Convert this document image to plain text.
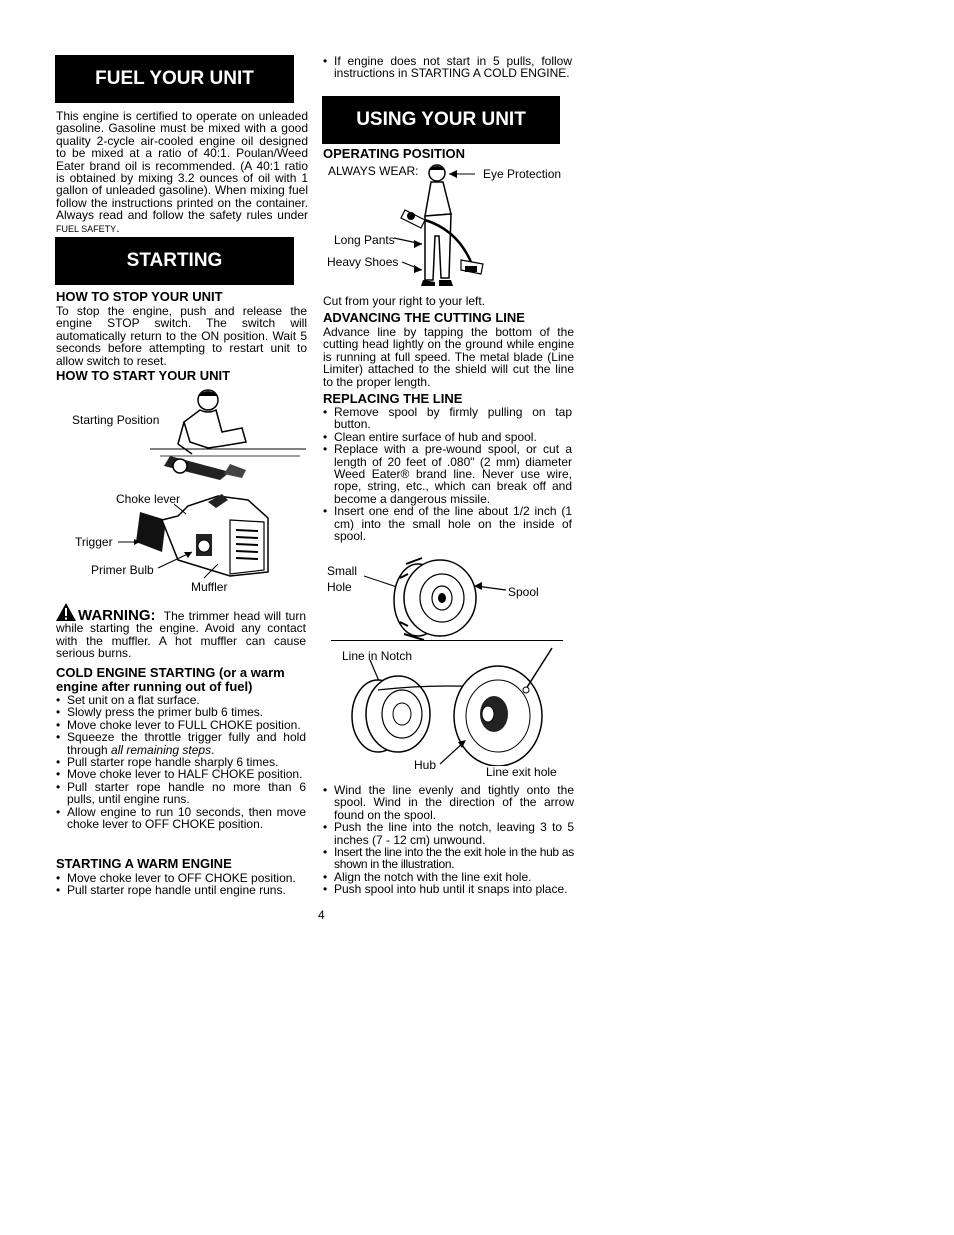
FUEL YOUR UNIT
This engine is certified to operate on unleaded gasoline. Gasoline must be mixed with a good quality 2-cycle air-cooled engine oil designed to be mixed at a ratio of 40:1. Poulan/Weed Eater brand oil is recommended. (A 40:1 ratio is obtained by mixing 3.2 ounces of oil with 1 gallon of unleaded gasoline). When mixing fuel follow the instructions printed on the container. Always read and follow the safety rules under FUEL SAFETY.
STARTING
HOW TO STOP YOUR UNIT
To stop the engine, push and release the engine STOP switch. The switch will automatically return to the ON position. Wait 5 seconds before attempting to restart unit to allow switch to reset.
HOW TO START YOUR UNIT
Starting Position
Choke lever
Trigger
Primer Bulb
Muffler
WARNING: The trimmer head will turn while starting the engine. Avoid any contact with the muffler. A hot muffler can cause serious burns.
COLD ENGINE STARTING (or a warm engine after running out of fuel)
• Set unit on a flat surface.
• Slowly press the primer bulb 6 times.
• Move choke lever to FULL CHOKE position.
• Squeeze the throttle trigger fully and hold through all remaining steps.
• Pull starter rope handle sharply 6 times.
• Move choke lever to HALF CHOKE position.
• Pull starter rope handle no more than 6 pulls, until engine runs.
• Allow engine to run 10 seconds, then move choke lever to OFF CHOKE position.
STARTING A WARM ENGINE
• Move choke lever to OFF CHOKE position.
• Pull starter rope handle until engine runs.
• If engine does not start in 5 pulls, follow instructions in STARTING A COLD ENGINE.
USING YOUR UNIT
OPERATING POSITION
ALWAYS WEAR:	Eye Protection
Long Pants
Heavy Shoes
Cut from your right to your left.
ADVANCING THE CUTTING LINE
Advance line by tapping the bottom of the cutting head lightly on the ground while engine is running at full speed. The metal blade (Line Limiter) attached to the shield will cut the line to the proper length.
REPLACING THE LINE
• Remove spool by firmly pulling on tap button.
• Clean entire surface of hub and spool.
• Replace with a pre-wound spool, or cut a length of 20 feet of .080" (2 mm) diameter Weed Eater® brand line. Never use wire, rope, string, etc., which can break off and become a dangerous missile.
• Insert one end of the line about 1/2 inch (1 cm) into the small hole on the inside of spool.
Small
Hole	Spool
Line in Notch
Hub	Line exit hole
• Wind the line evenly and tightly onto the spool. Wind in the direction of the arrow found on the spool.
• Push the line into the notch, leaving 3 to 5 inches (7 - 12 cm) unwound.
• Insert the line into the the exit hole in the hub as shown in the illustration.
• Align the notch with the line exit hole.
• Push spool into hub until it snaps into place.
4
